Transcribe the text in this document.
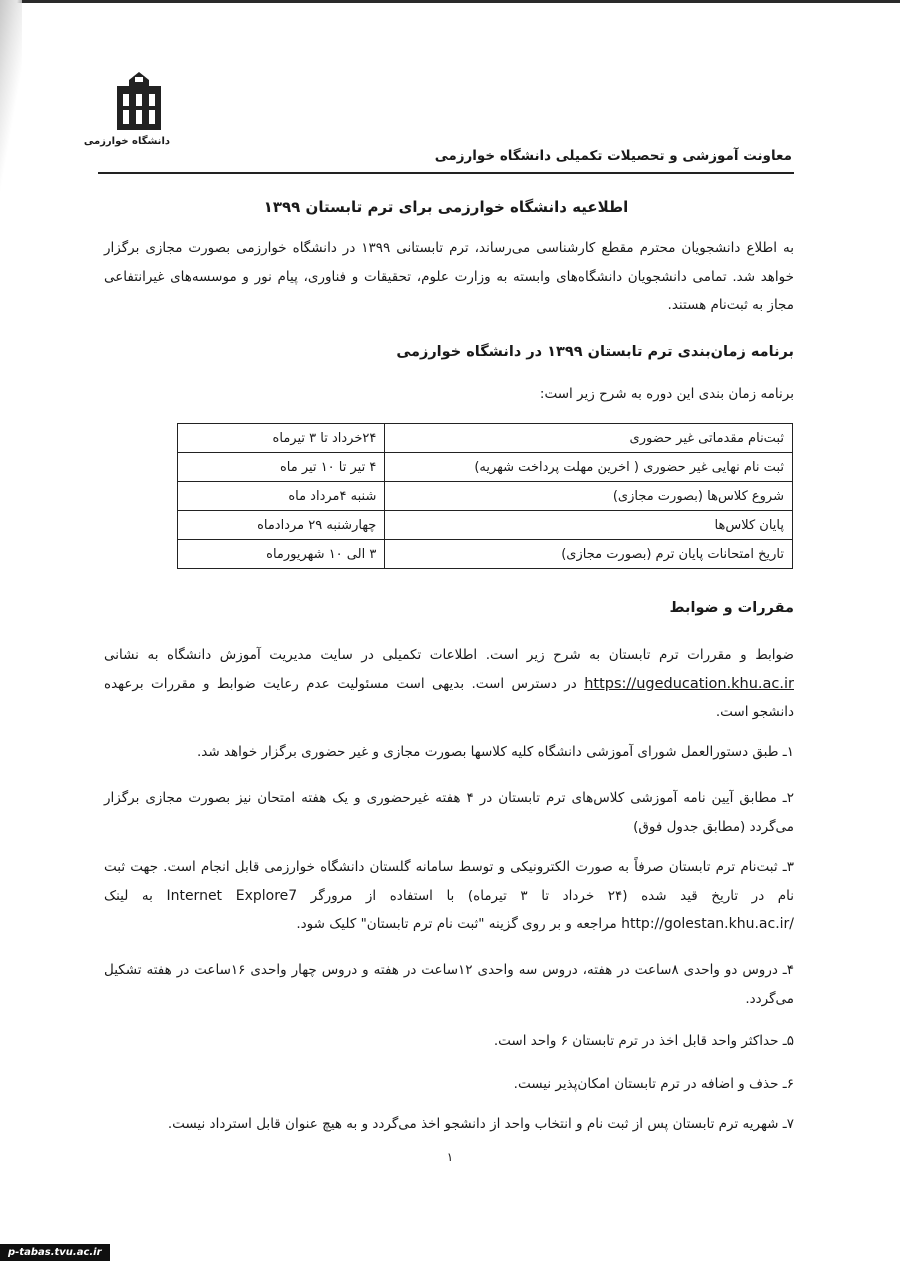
دانشگاه خوارزمی
معاونت آموزشی و تحصیلات تکمیلی دانشگاه خوارزمی
اطلاعیه دانشگاه خوارزمی برای ترم تابستان ۱۳۹۹
به اطلاع دانشجویان محترم مقطع کارشناسی می‌رساند، ترم تابستانی ۱۳۹۹ در دانشگاه خوارزمی بصورت مجازی برگزار خواهد شد. تمامی دانشجویان دانشگاه‌های وابسته به وزارت علوم، تحقیقات و فناوری، پیام نور و موسسه‌های غیرانتفاعی مجاز به ثبت‌نام هستند.
برنامه زمان‌بندی ترم تابستان ۱۳۹۹ در دانشگاه خوارزمی
برنامه زمان بندی این دوره به شرح زیر است:
ثبت‌نام مقدماتی غیر حضوری	۲۴خرداد تا ۳ تیرماه
ثبت نام نهایی غیر حضوری ( اخرین مهلت پرداخت شهریه)	۴ تیر تا ۱۰ تیر ماه
شروع کلاس‌ها (بصورت مجازی)	شنبه ۴مرداد ماه
پایان کلاس‌ها	چهارشنبه ۲۹ مردادماه
تاریخ امتحانات پایان ترم (بصورت مجازی)	۳ الی ۱۰ شهریورماه
مقررات و ضوابط
ضوابط و مقررات ترم تابستان به شرح زیر است. اطلاعات تکمیلی در سایت مدیریت آموزش دانشگاه به نشانی https://ugeducation.khu.ac.ir در دسترس است. بدیهی است مسئولیت عدم رعایت ضوابط و مقررات برعهده دانشجو است.
۱ـ طبق دستورالعمل شورای آموزشی دانشگاه کلیه کلاسها بصورت مجازی و غیر حضوری برگزار خواهد شد.
۲ـ مطابق آیین نامه آموزشی کلاس‌های ترم تابستان در ۴ هفته غیرحضوری و یک هفته امتحان نیز بصورت مجازی برگزار می‌گردد (مطابق جدول فوق)
۳ـ ثبت‌نام ترم تابستان صرفاً به صورت الکترونیکی و توسط سامانه گلستان دانشگاه خوارزمی قابل انجام است. جهت ثبت نام در تاریخ قید شده (۲۴ خرداد تا ۳ تیرماه) با استفاده از مرورگر Internet Explore7 به لینک http://golestan.khu.ac.ir/ مراجعه و بر روی گزینه "ثبت نام ترم تابستان" کلیک شود.
۴ـ دروس دو واحدی ۸ساعت در هفته، دروس سه واحدی ۱۲ساعت در هفته و دروس چهار واحدی ۱۶ساعت در هفته تشکیل می‌گردد.
۵ـ حداکثر واحد قابل اخذ در ترم تابستان ۶ واحد است.
۶ـ حذف و اضافه در ترم تابستان امکان‌پذیر نیست.
۷ـ شهریه ترم تابستان پس از ثبت نام و انتخاب واحد از دانشجو اخذ می‌گردد و به هیچ عنوان قابل استرداد نیست.
۱
p-tabas.tvu.ac.ir
